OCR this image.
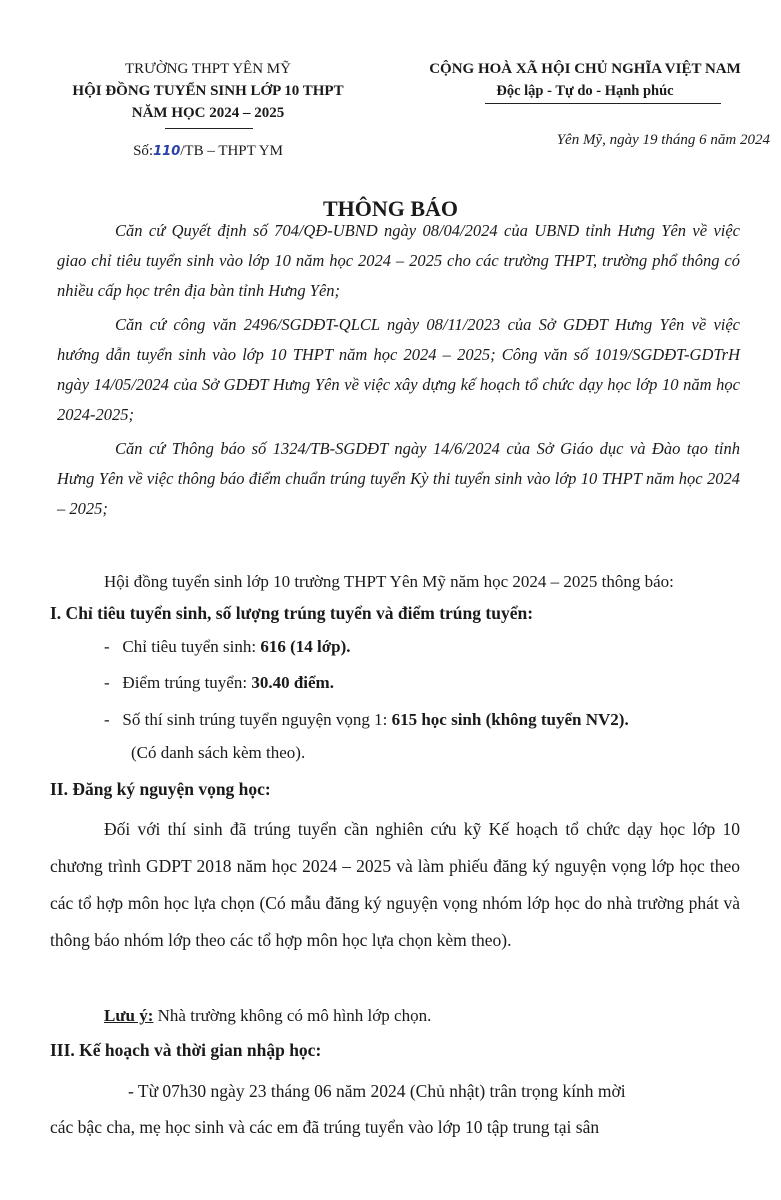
TRƯỜNG THPT YÊN MỸ
HỘI ĐỒNG TUYỂN SINH LỚP 10 THPT
NĂM HỌC 2024 – 2025
Số:110/TB – THPT YM
CỘNG HOÀ XÃ HỘI CHỦ NGHĨA VIỆT NAM
Độc lập - Tự do - Hạnh phúc
Yên Mỹ, ngày 19 tháng 6 năm 2024
THÔNG BÁO

Căn cứ Quyết định số 704/QĐ-UBND ngày 08/04/2024 của UBND tỉnh Hưng Yên về việc giao chỉ tiêu tuyển sinh vào lớp 10 năm học 2024 – 2025 cho các trường THPT, trường phổ thông có nhiều cấp học trên địa bàn tỉnh Hưng Yên;

Căn cứ công văn 2496/SGDĐT-QLCL ngày 08/11/2023 của Sở GDĐT Hưng Yên về việc hướng dẫn tuyển sinh vào lớp 10 THPT năm học 2024 – 2025; Công văn số 1019/SGDĐT-GDTrH ngày 14/05/2024 của Sở GDĐT Hưng Yên về việc xây dựng kế hoạch tổ chức dạy học lớp 10 năm học 2024-2025;

Căn cứ Thông báo số 1324/TB-SGDĐT ngày 14/6/2024 của Sở Giáo dục và Đào tạo tỉnh Hưng Yên về việc thông báo điểm chuẩn trúng tuyển Kỳ thi tuyển sinh vào lớp 10 THPT năm học 2024 – 2025;

Hội đồng tuyển sinh lớp 10 trường THPT Yên Mỹ năm học 2024 – 2025 thông báo:
I. Chỉ tiêu tuyển sinh, số lượng trúng tuyển và điểm trúng tuyển:
- Chỉ tiêu tuyển sinh: 616 (14 lớp).
- Điểm trúng tuyển: 30.40 điểm.
- Số thí sinh trúng tuyển nguyện vọng 1: 615 học sinh (không tuyển NV2).
(Có danh sách kèm theo).
II. Đăng ký nguyện vọng học:
Đối với thí sinh đã trúng tuyển cần nghiên cứu kỹ Kế hoạch tổ chức dạy học lớp 10 chương trình GDPT 2018 năm học 2024 – 2025 và làm phiếu đăng ký nguyện vọng lớp học theo các tổ hợp môn học lựa chọn (Có mẫu đăng ký nguyện vọng nhóm lớp học do nhà trường phát và thông báo nhóm lớp theo các tổ hợp môn học lựa chọn kèm theo).
Lưu ý: Nhà trường không có mô hình lớp chọn.
III. Kế hoạch và thời gian nhập học:
- Từ 07h30 ngày 23 tháng 06 năm 2024 (Chủ nhật) trân trọng kính mời
các bậc cha, mẹ học sinh và các em đã trúng tuyển vào lớp 10 tập trung tại sân
